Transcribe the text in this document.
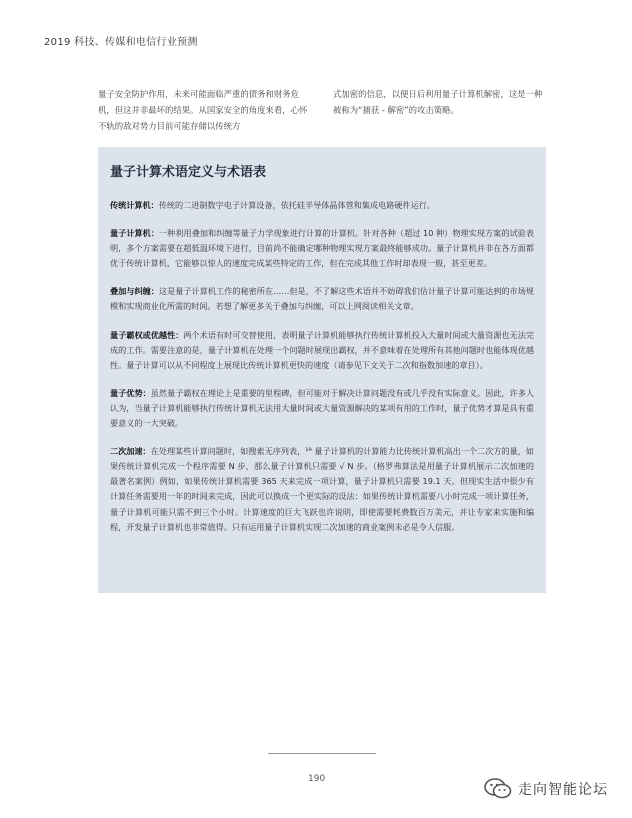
2019 科技、传媒和电信行业预测
量子安全防护作用，未来可能面临严重的债务和财务危机，但这并非最坏的结果。从国家安全的角度来看，心怀不轨的敌对势力目前可能存储以传统方
式加密的信息，以便日后利用量子计算机解密，这是一种被称为“捕获 - 解密”的攻击策略。
量子计算术语定义与术语表

传统计算机：传统的二进制数字电子计算设备，依托硅半导体晶体管和集成电路硬件运行。

量子计算机：一种利用叠加和纠缠等量子力学现象进行计算的计算机。针对各种（超过 10 种）物理实现方案的试验表明，多个方案需要在超低温环境下进行，目前尚不能确定哪种物理实现方案最终能够成功。量子计算机并非在各方面都优于传统计算机，它能够以惊人的速度完成某些特定的工作，但在完成其他工作时却表现一般，甚至更差。

叠加与纠缠：这是量子计算机工作的秘密所在……但是，不了解这些术语并不妨碍我们估计量子计算可能达到的市场规模和实现商业化所需的时间。若想了解更多关于叠加与纠缠，可以上网阅读相关文章。

量子霸权或优越性：两个术语有时可交替使用，表明量子计算机能够执行传统计算机投入大量时间或大量资源也无法完成的工作。需要注意的是，量子计算机在处理一个问题时展现出霸权，并不意味着在处理所有其他问题时也能体现优越性。量子计算可以从不同程度上展现比传统计算机更快的速度（请参见下文关于二次和指数加速的章目）。

量子优势：虽然量子霸权在理论上是重要的里程碑，但可能对于解决计算问题没有或几乎没有实际意义。因此，许多人认为，当量子计算机能够执行传统计算机无法用大量时间或大量资源解决的某项有用的工作时，量子优势才算是具有重要意义的一大突破。

二次加速：在处理某些计算问题时，如搜索无序列表，¹⁹ 量子计算机的计算能力比传统计算机高出一个二次方的量，如果传统计算机完成一个程序需要 N 步，那么量子计算机只需要 √ N 步。（格罗弗算法是用量子计算机展示二次加速的最著名案例）例如，如果传统计算机需要 365 天来完成一项计算，量子计算机只需要 19.1 天。但现实生活中很少有计算任务需要用一年的时间来完成，因此可以换成一个更实际的设法：如果传统计算机需要八小时完成一项计算任务，量子计算机可能只需不到三个小时。计算速度的巨大飞跃也许说明，即使需要耗费数百万美元，并让专家来实施和编程，开发量子计算机也非常值得。只有运用量子计算机实现二次加速的商业案例未必是令人信服。

190
走向智能论坛
